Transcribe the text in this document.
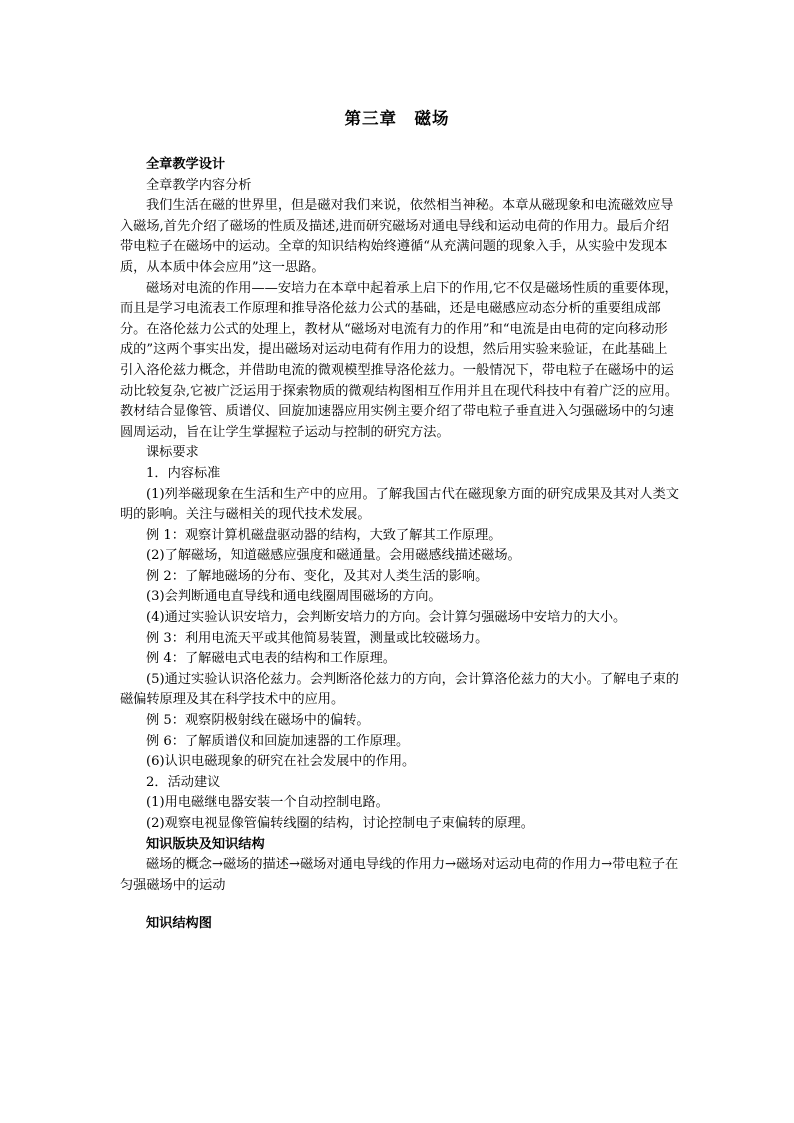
第三章　磁场

全章教学设计

全章教学内容分析

我们生活在磁的世界里，但是磁对我们来说，依然相当神秘。本章从磁现象和电流磁效应导入磁场,首先介绍了磁场的性质及描述,进而研究磁场对通电导线和运动电荷的作用力。最后介绍带电粒子在磁场中的运动。全章的知识结构始终遵循“从充满问题的现象入手，从实验中发现本质，从本质中体会应用”这一思路。

磁场对电流的作用——安培力在本章中起着承上启下的作用,它不仅是磁场性质的重要体现，而且是学习电流表工作原理和推导洛伦兹力公式的基础，还是电磁感应动态分析的重要组成部分。在洛伦兹力公式的处理上，教材从“磁场对电流有力的作用”和“电流是由电荷的定向移动形成的”这两个事实出发，提出磁场对运动电荷有作用力的设想，然后用实验来验证，在此基础上引入洛伦兹力概念，并借助电流的微观模型推导洛伦兹力。一般情况下，带电粒子在磁场中的运动比较复杂,它被广泛运用于探索物质的微观结构图相互作用并且在现代科技中有着广泛的应用。教材结合显像管、质谱仪、回旋加速器应用实例主要介绍了带电粒子垂直进入匀强磁场中的匀速圆周运动，旨在让学生掌握粒子运动与控制的研究方法。

课标要求

1．内容标准

(1)列举磁现象在生活和生产中的应用。了解我国古代在磁现象方面的研究成果及其对人类文明的影响。关注与磁相关的现代技术发展。

例 1：观察计算机磁盘驱动器的结构，大致了解其工作原理。

(2)了解磁场，知道磁感应强度和磁通量。会用磁感线描述磁场。

例 2：了解地磁场的分布、变化，及其对人类生活的影响。

(3)会判断通电直导线和通电线圈周围磁场的方向。

(4)通过实验认识安培力，会判断安培力的方向。会计算匀强磁场中安培力的大小。

例 3：利用电流天平或其他简易装置，测量或比较磁场力。

例 4：了解磁电式电表的结构和工作原理。

(5)通过实验认识洛伦兹力。会判断洛伦兹力的方向，会计算洛伦兹力的大小。了解电子束的磁偏转原理及其在科学技术中的应用。

例 5：观察阴极射线在磁场中的偏转。

例 6：了解质谱仪和回旋加速器的工作原理。

(6)认识电磁现象的研究在社会发展中的作用。

2．活动建议

(1)用电磁继电器安装一个自动控制电路。

(2)观察电视显像管偏转线圈的结构，讨论控制电子束偏转的原理。

知识版块及知识结构

磁场的概念→磁场的描述→磁场对通电导线的作用力→磁场对运动电荷的作用力→带电粒子在匀强磁场中的运动

知识结构图
